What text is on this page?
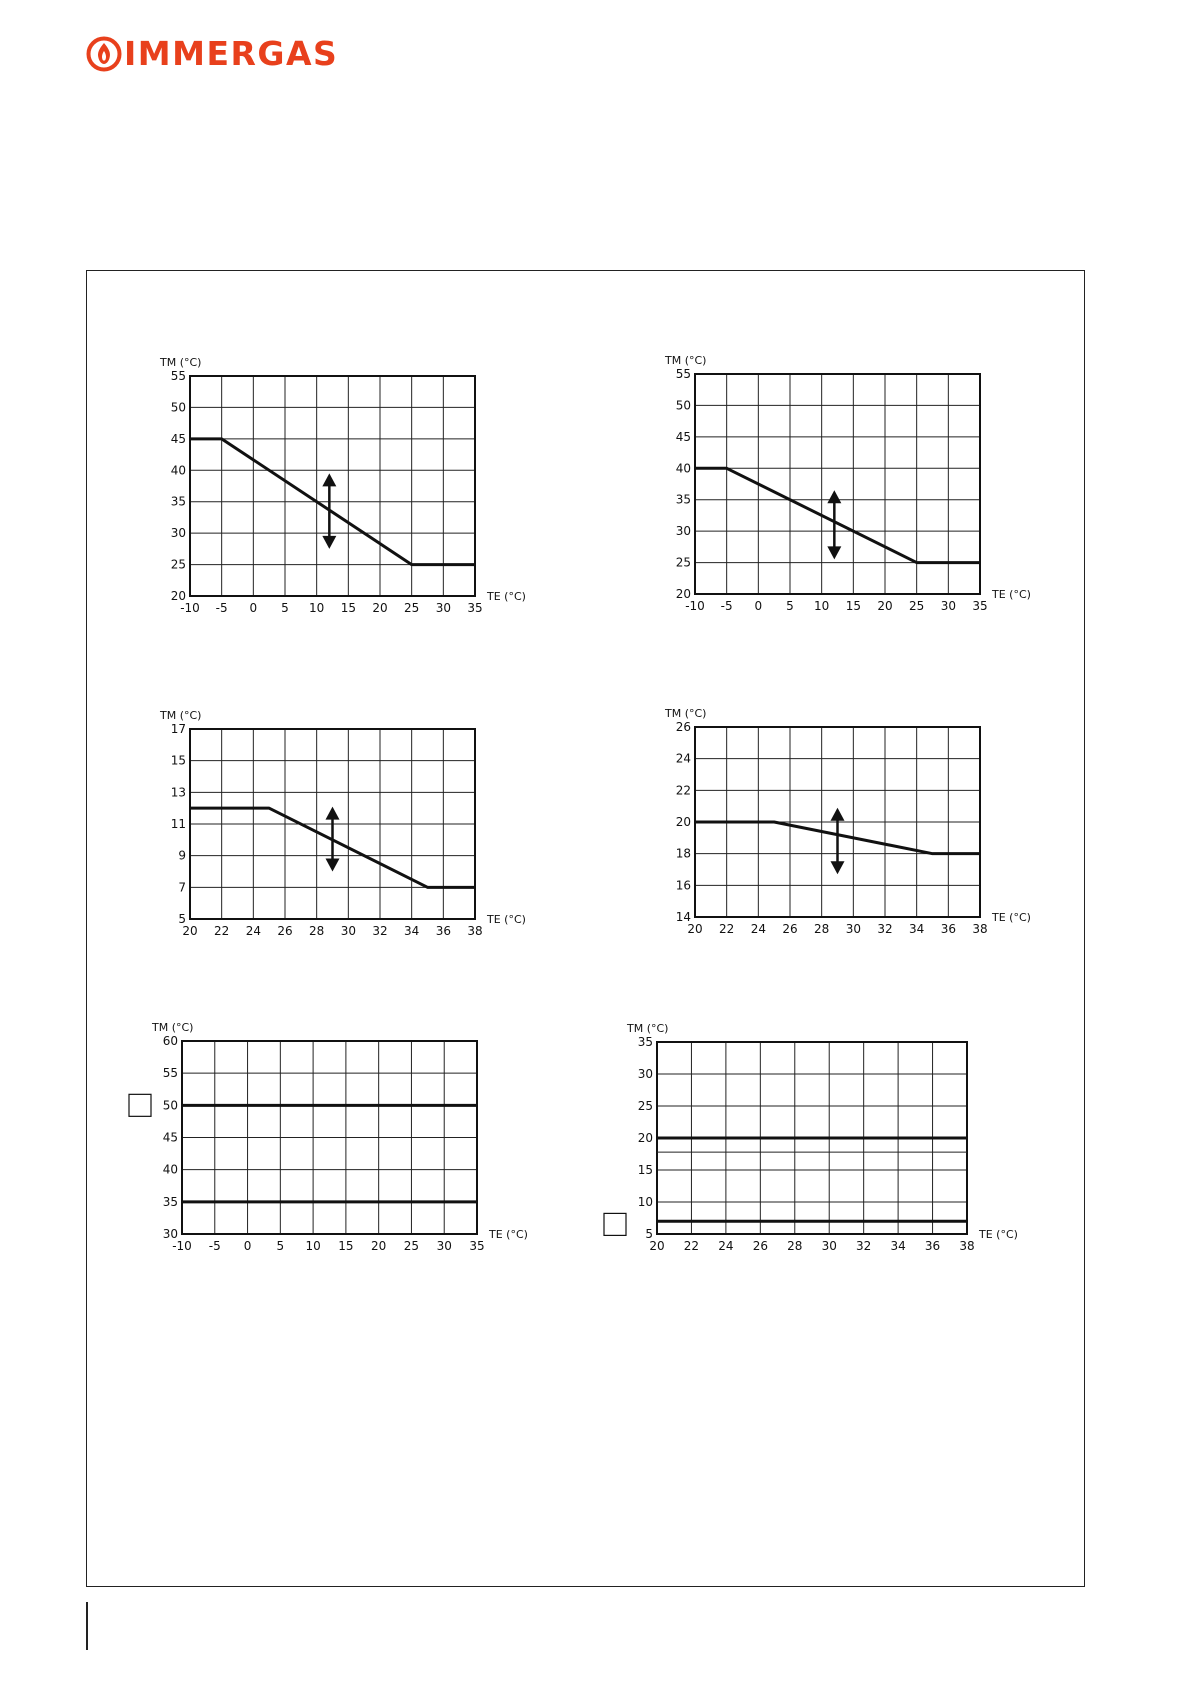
IMMERGAS
-10 -5 0 5 10 15 20 25 30 35
20
25
30
35
40
45
50
55
TM (°C)
TE (°C)
-10 -5 0 5 10 15 20 25 30 35
20
25
30
35
40
45
50
55
TM (°C)
TE (°C)
20 22 24 26 28 30 32 34 36 38
5
7
9
11
13
15
17
TM (°C)
TE (°C)
20 22 24 26 28 30 32 34 36 38
14
16
18
20
22
24
26
TM (°C)
TE (°C)
-10 -5 0 5 10 15 20 25 30 35
30
35
40
45
50
55
60
TM (°C)
TE (°C)
20 22 24 26 28 30 32 34 36 38
5
10
15
20
25
30
35
TM (°C)
TE (°C)
